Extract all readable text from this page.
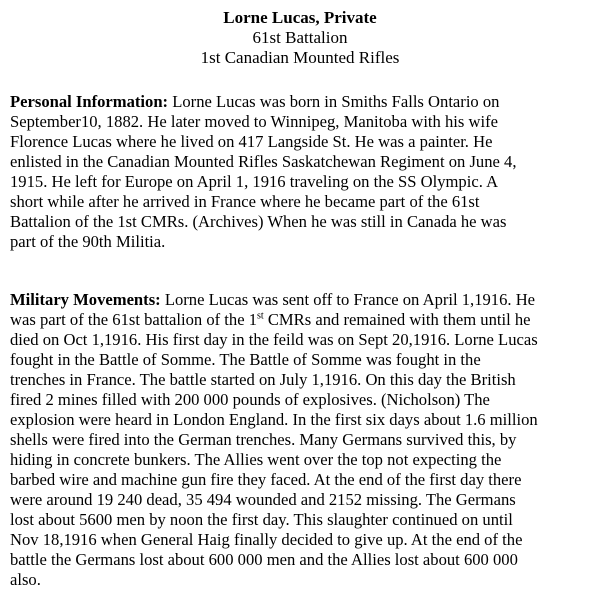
Lorne Lucas, Private
61st Battalion
1st Canadian Mounted Rifles
Personal Information: Lorne Lucas was born in Smiths Falls Ontario on
September10, 1882. He later moved to Winnipeg, Manitoba with his wife
Florence Lucas where he lived on 417 Langside St. He was a painter. He
enlisted in the Canadian Mounted Rifles Saskatchewan Regiment on June 4,
1915. He left for Europe on April 1, 1916 traveling on the SS Olympic. A
short while after he arrived in France where he became part of the 61st
Battalion of the 1st CMRs. (Archives) When he was still in Canada he was
part of the 90th Militia.
Military Movements: Lorne Lucas was sent off to France on April 1,1916. He
was part of the 61st battalion of the 1st CMRs and remained with them until he
died on Oct 1,1916. His first day in the feild was on Sept 20,1916. Lorne Lucas
fought in the Battle of Somme. The Battle of Somme was fought in the
trenches in France. The battle started on July 1,1916. On this day the British
fired 2 mines filled with 200 000 pounds of explosives. (Nicholson) The
explosion were heard in London England. In the first six days about 1.6 million
shells were fired into the German trenches. Many Germans survived this, by
hiding in concrete bunkers. The Allies went over the top not expecting the
barbed wire and machine gun fire they faced. At the end of the first day there
were around 19 240 dead, 35 494 wounded and 2152 missing. The Germans
lost about 5600 men by noon the first day. This slaughter continued on until
Nov 18,1916 when General Haig finally decided to give up. At the end of the
battle the Germans lost about 600 000 men and the Allies lost about 600 000
also.
